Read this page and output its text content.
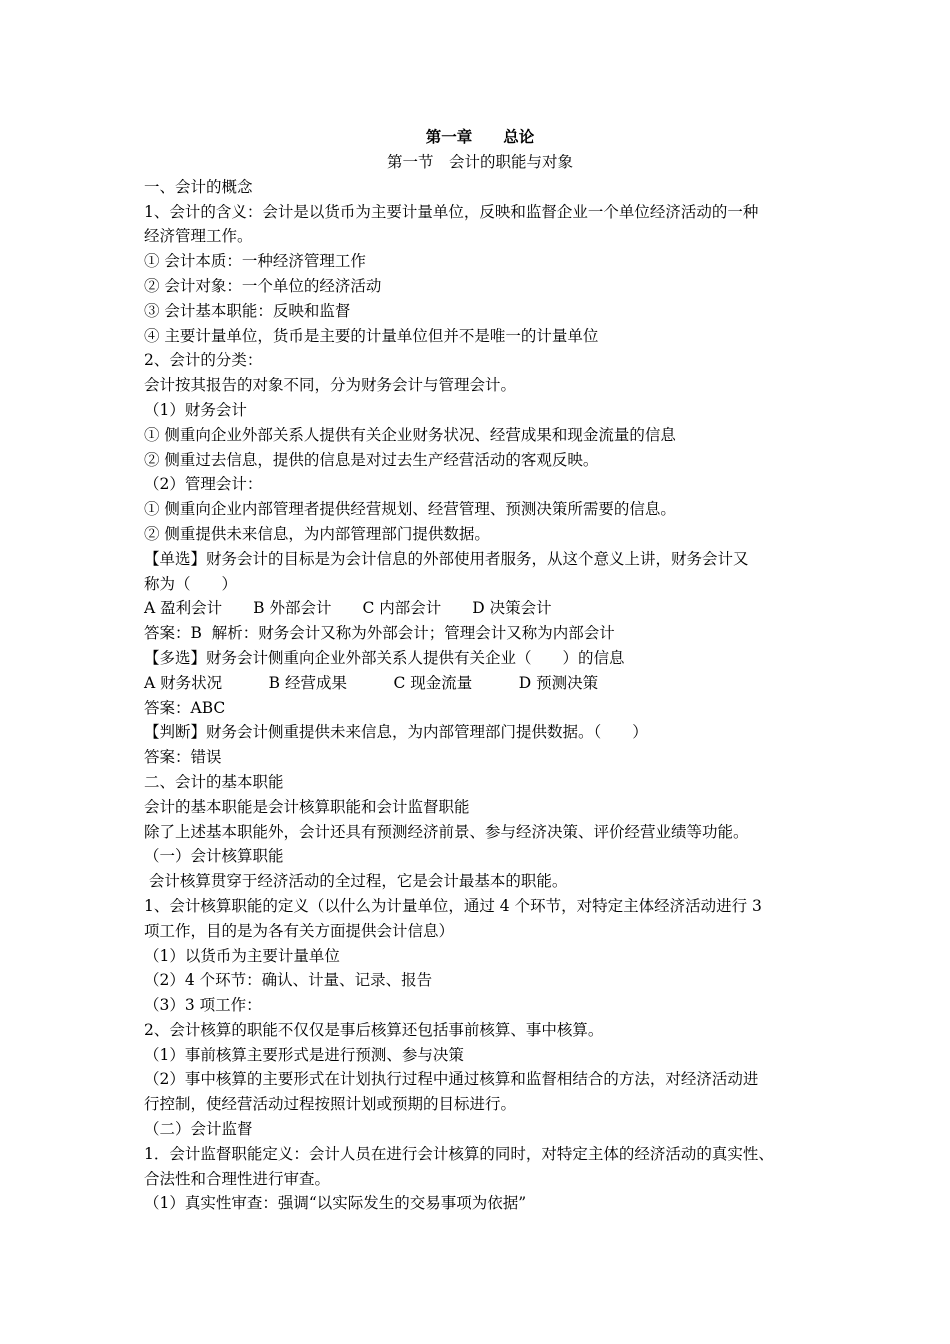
第一章　　总论
第一节　会计的职能与对象
一、会计的概念
1、会计的含义：会计是以货币为主要计量单位，反映和监督企业一个单位经济活动的一种
经济管理工作。
① 会计本质：一种经济管理工作
② 会计对象：一个单位的经济活动
③ 会计基本职能：反映和监督
④ 主要计量单位，货币是主要的计量单位但并不是唯一的计量单位
2、会计的分类：
会计按其报告的对象不同，分为财务会计与管理会计。
（1）财务会计
① 侧重向企业外部关系人提供有关企业财务状况、经营成果和现金流量的信息
② 侧重过去信息，提供的信息是对过去生产经营活动的客观反映。
（2）管理会计：
① 侧重向企业内部管理者提供经营规划、经营管理、预测决策所需要的信息。
② 侧重提供未来信息，为内部管理部门提供数据。
【单选】财务会计的目标是为会计信息的外部使用者服务，从这个意义上讲，财务会计又
称为（　　）
A 盈利会计　　B 外部会计　　C 内部会计　　D 决策会计
答案：B  解析：财务会计又称为外部会计；管理会计又称为内部会计
【多选】财务会计侧重向企业外部关系人提供有关企业（　　）的信息
A 财务状况　　　B 经营成果　　　C 现金流量　　　D 预测决策
答案：ABC
【判断】财务会计侧重提供未来信息，为内部管理部门提供数据。（　　）
答案：错误
二、会计的基本职能
会计的基本职能是会计核算职能和会计监督职能
除了上述基本职能外，会计还具有预测经济前景、参与经济决策、评价经营业绩等功能。
（一）会计核算职能
会计核算贯穿于经济活动的全过程，它是会计最基本的职能。
1、会计核算职能的定义（以什么为计量单位，通过 4 个环节，对特定主体经济活动进行 3
项工作，目的是为各有关方面提供会计信息）
（1）以货币为主要计量单位
（2）4 个环节：确认、计量、记录、报告
（3）3 项工作：
2、会计核算的职能不仅仅是事后核算还包括事前核算、事中核算。
（1）事前核算主要形式是进行预测、参与决策
（2）事中核算的主要形式在计划执行过程中通过核算和监督相结合的方法，对经济活动进
行控制，使经营活动过程按照计划或预期的目标进行。
（二）会计监督
1．会计监督职能定义：会计人员在进行会计核算的同时，对特定主体的经济活动的真实性、
合法性和合理性进行审查。
（1）真实性审查：强调“以实际发生的交易事项为依据”
